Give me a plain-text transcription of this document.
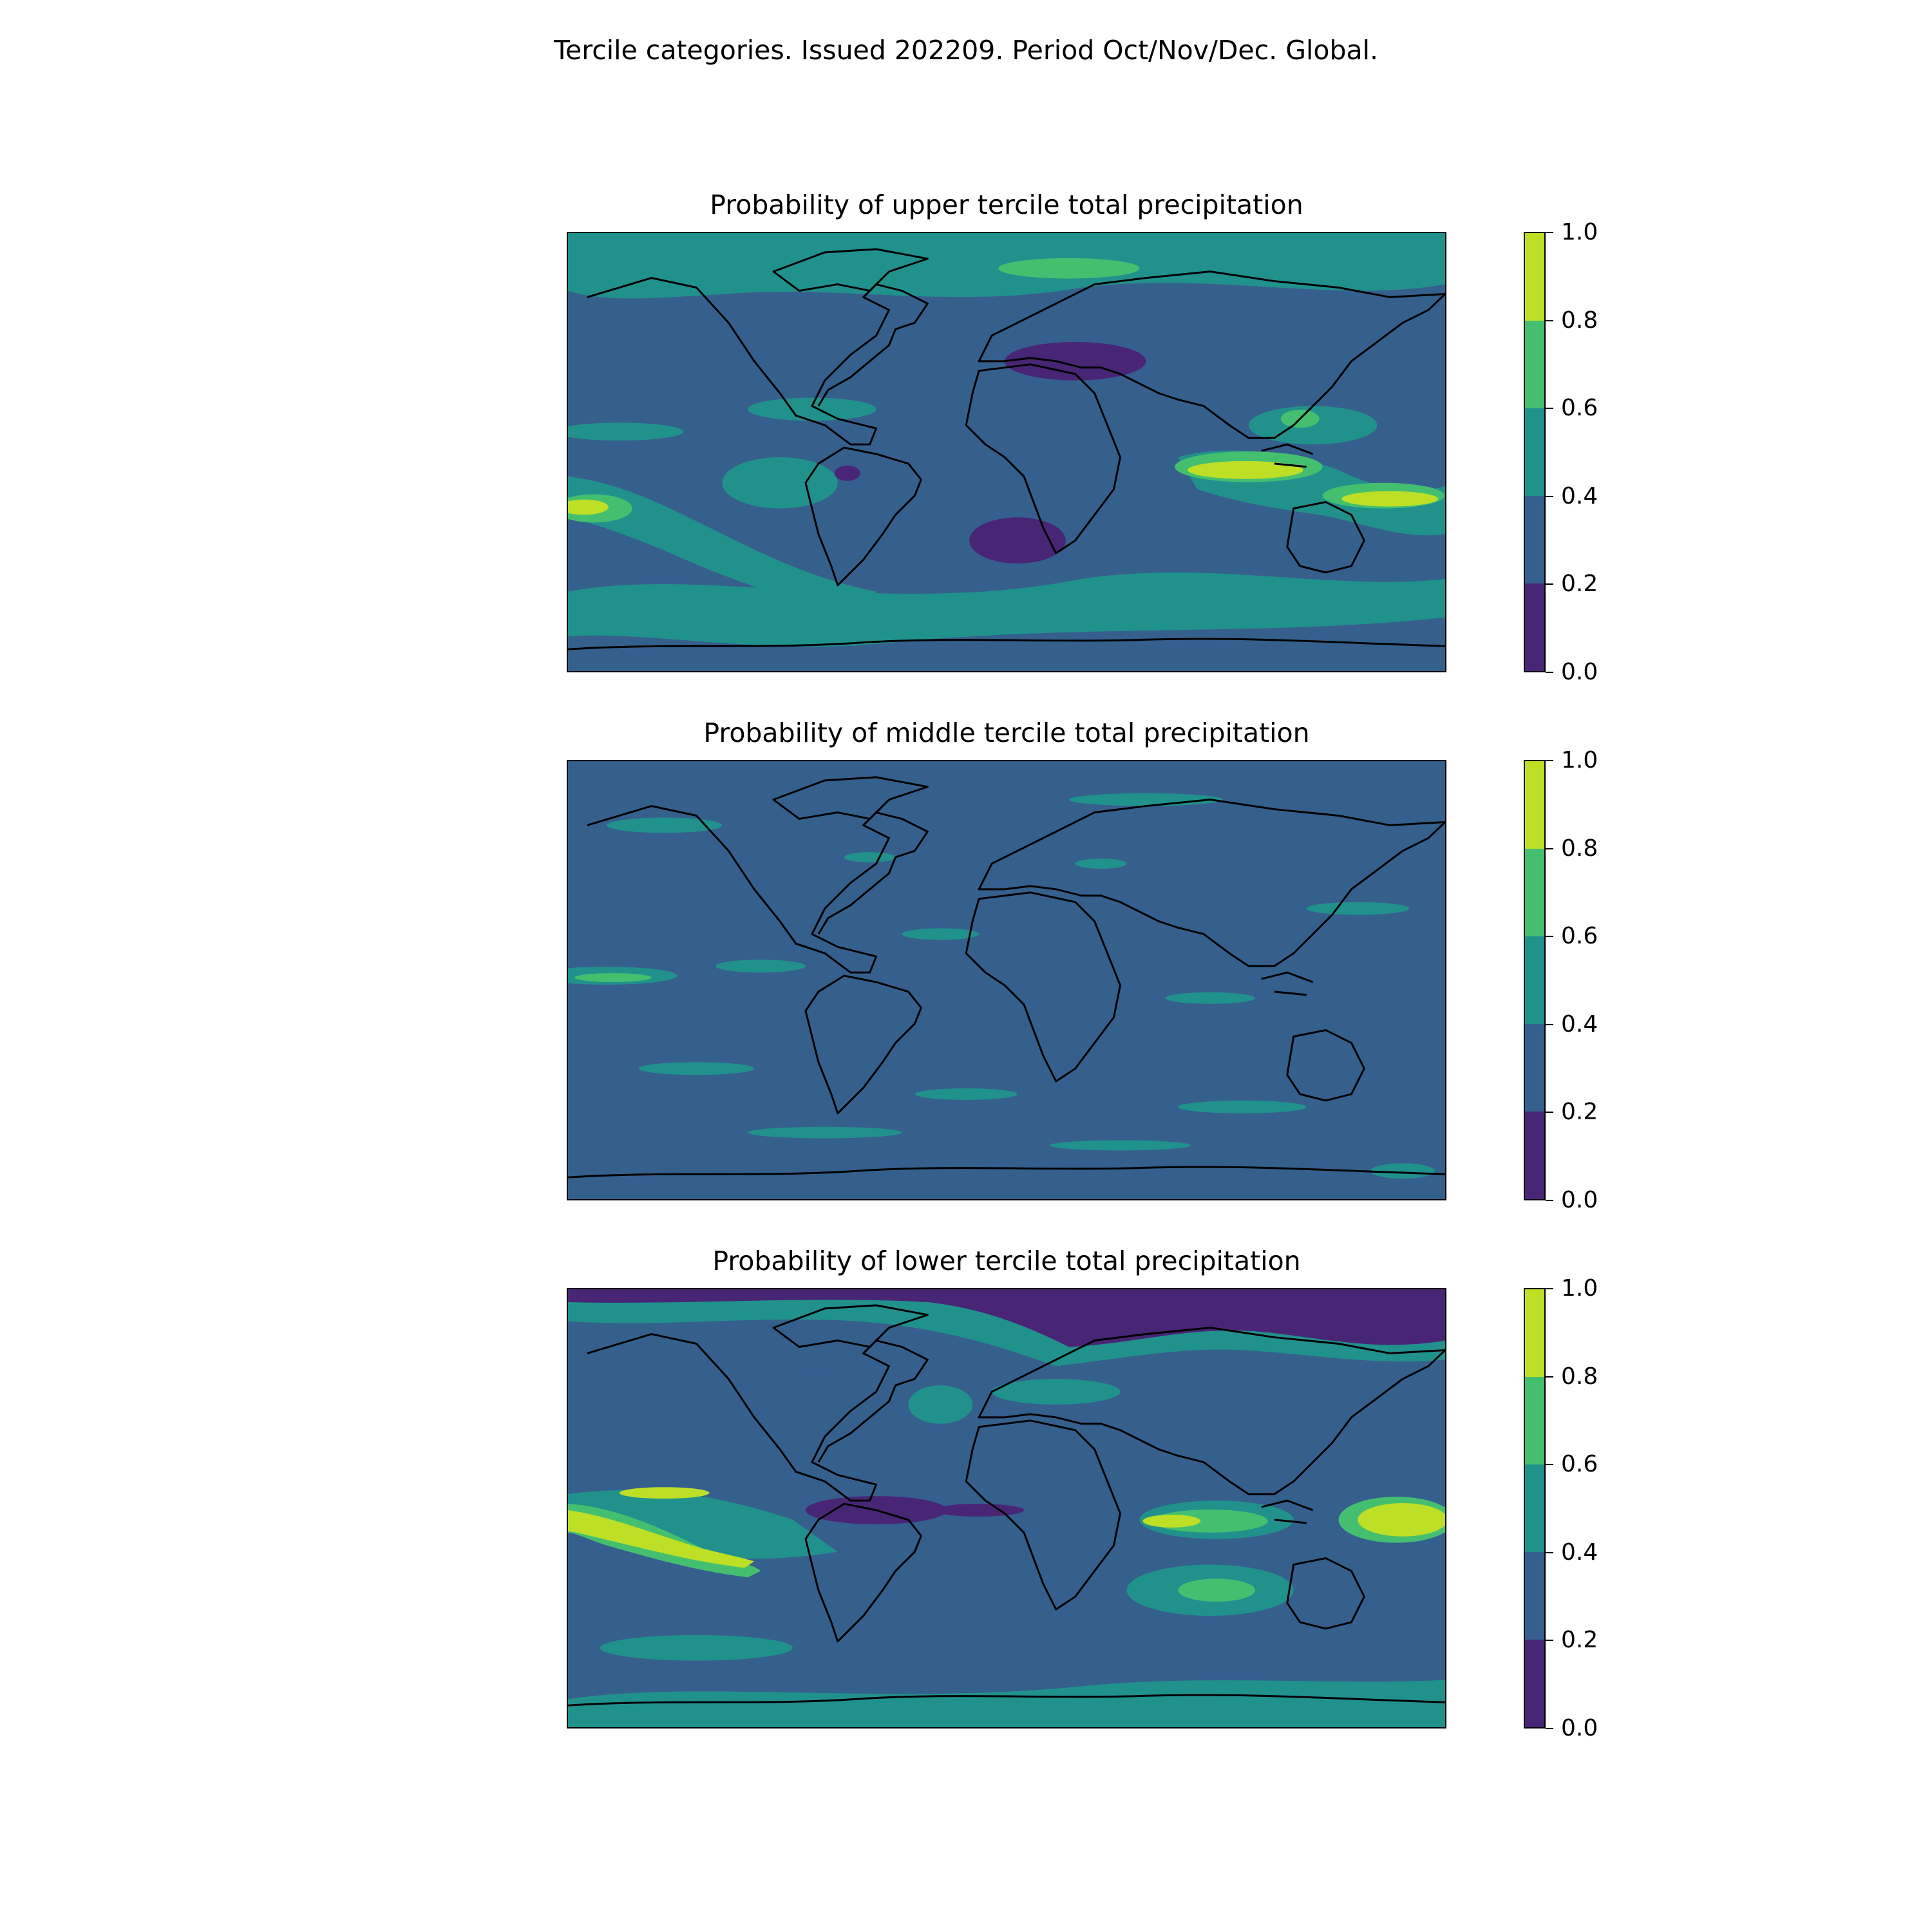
Tercile categories. Issued 202209. Period Oct/Nov/Dec. Global.
Probability of upper tercile total precipitation
0.0
0.2
0.4
0.6
0.8
1.0
Probability of middle tercile total precipitation
0.0
0.2
0.4
0.6
0.8
1.0
Probability of lower tercile total precipitation
0.0
0.2
0.4
0.6
0.8
1.0
